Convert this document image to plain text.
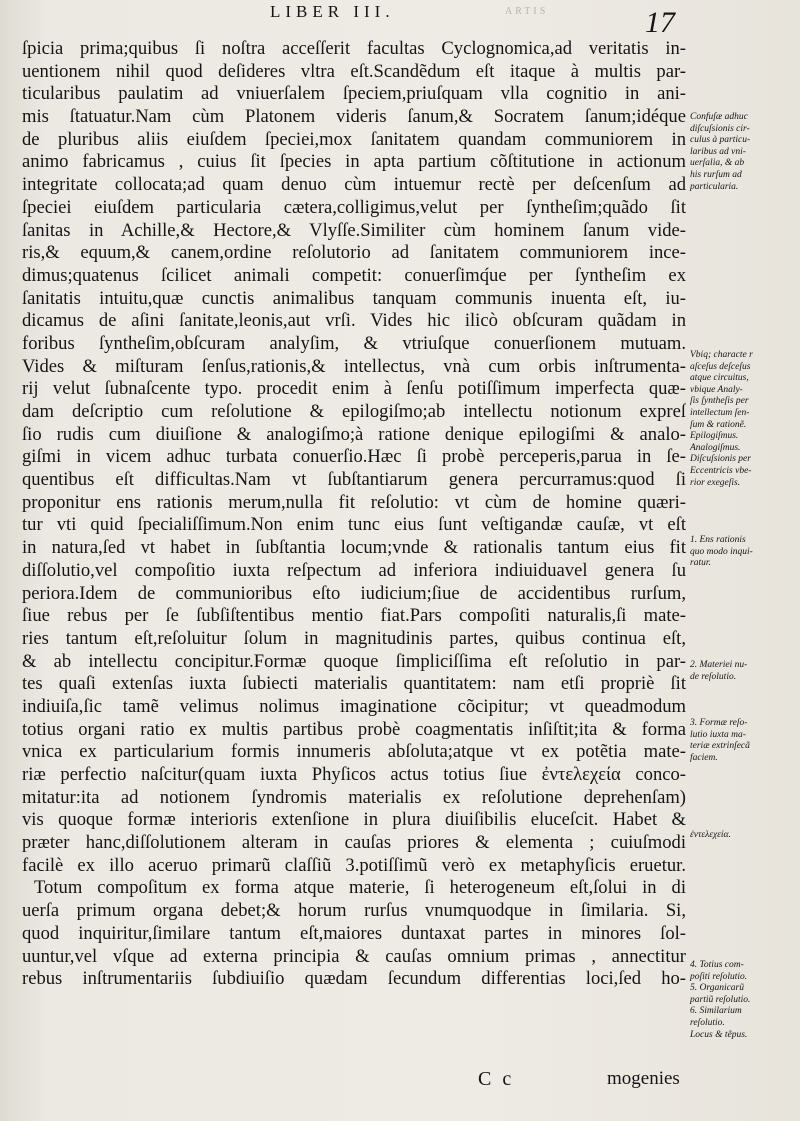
ARTIS
LIBER III.	17
ſpicia prima;quibus ſi noſtra acceſſerit facultas Cyclognomica,ad veritatis in-
uentionem nihil quod deſideres vltra eſt.Scandẽdum eſt itaque à multis par-
ticularibus paulatim ad vniuerſalem ſpeciem,priuſquam vlla cognitio in ani-
mis ſtatuatur.Nam cùm Platonem videris ſanum,& Socratem ſanum;idéque
de pluribus aliis eiuſdem ſpeciei,mox ſanitatem quandam communiorem in
animo fabricamus , cuius ſit ſpecies in apta partium cõſtitutione in actionum
integritate collocata;ad quam denuo cùm intuemur rectè per deſcenſum ad
ſpeciei eiuſdem particularia cætera,colligimus,velut per ſyntheſim;quãdo ſit
ſanitas in Achille,& Hectore,& Vlyſſe.Similiter cùm hominem ſanum vide-
ris,& equum,& canem,ordine reſolutorio ad ſanitatem communiorem ince-
dimus;quatenus ſcilicet animali competit: conuerſimq́ue per ſyntheſim ex
ſanitatis intuitu,quæ cunctis animalibus tanquam communis inuenta eſt, iu-
dicamus de aſini ſanitate,leonis,aut vrſi. Vides hic ilicò obſcuram quãdam in
foribus ſyntheſim,obſcuram analyſim, & vtriuſque conuerſionem mutuam.
Vides & miſturam ſenſus,rationis,& intellectus, vnà cum orbis inſtrumenta-
rij velut ſubnaſcente typo. procedit enim à ſenſu potiſſimum imperfecta quæ-
dam deſcriptio cum reſolutione & epilogiſmo;ab intellectu notionum expreſ
ſio rudis cum diuiſione & analogiſmo;à ratione denique epilogiſmi & analo-
giſmi in vicem adhuc turbata conuerſio.Hæc ſi probè perceperis,parua in ſe-
quentibus eſt difficultas.Nam vt ſubſtantiarum genera percurramus:quod ſi
proponitur ens rationis merum,nulla fit reſolutio: vt cùm de homine quæri-
tur vti quid ſpecialiſſimum.Non enim tunc eius ſunt veſtigandæ cauſæ, vt eſt
in natura,ſed vt habet in ſubſtantia locum;vnde & rationalis tantum eius fit
diſſolutio,vel compoſitio iuxta reſpectum ad inferiora indiuiduavel genera ſu
periora.Idem de communioribus eſto iudicium;ſiue de accidentibus rurſum,
ſiue rebus per ſe ſubſiſtentibus mentio fiat.Pars compoſiti naturalis,ſi mate-
ries tantum eſt,reſoluitur ſolum in magnitudinis partes, quibus continua eſt,
& ab intellectu concipitur.Formæ quoque ſimpliciſſima eſt reſolutio in par-
tes quaſi extenſas iuxta ſubiecti materialis quantitatem: nam etſi propriè ſit
indiuiſa,ſic tamẽ velimus nolimus imaginatione cõcipitur; vt queadmodum
totius organi ratio ex multis partibus probè coagmentatis inſiſtit;ita & forma
vnica ex particularium formis innumeris abſoluta;atque vt ex potẽtia mate-
riæ perfectio naſcitur(quam iuxta Phyſicos actus totius ſiue ἐντελεχεία conco-
mitatur:ita ad notionem ſyndromis materialis ex reſolutione deprehenſam)
vis quoque formæ interioris extenſione in plura diuiſibilis eluceſcit. Habet &
præter hanc,diſſolutionem alteram in cauſas priores & elementa ; cuiuſmodi
facilè ex illo aceruo primarũ claſſiũ 3.potiſſimũ verò ex metaphyſicis eruetur.
Totum compoſitum ex forma atque materie, ſi heterogeneum eſt,ſolui in di
uerſa primum organa debet;& horum rurſus vnumquodque in ſimilaria. Si,
quod inquiritur,ſimilare tantum eſt,maiores duntaxat partes in minores ſol-
uuntur,vel vſque ad externa principia & cauſas omnium primas , annectitur
rebus inſtrumentariis ſubdiuiſio quædam ſecundum differentias loci,ſed ho-
Confuſæ adhuc
diſcuſsionis cir-
culus à particu-
laribus ad vni-
uerſalia, & ab
his rurſum ad
particularia.
Vbiq; characte r
aſceſus deſceſus
atque circuitus,
vbique Analy-
ſis ſyntheſis per
intellectum ſen-
ſum & rationẽ.
Epilogiſmus.
Analogiſmus.
Diſcuſsionis per
Eccentricis vbe-
rior exegeſis.
1. Ens rationis
quo modo inqui-
ratur.
2. Materiei nu-
de reſolutio.
3. Formæ reſo-
lutio iuxta ma-
teriæ extrinſecã
faciem.
ἐντελεχεία.
4. Totius com-
poſiti reſolutio.
5. Organicarũ
partiũ reſolutio.
6. Similarium
reſolutio.
Locus & tẽpus.
C c	mogenies
